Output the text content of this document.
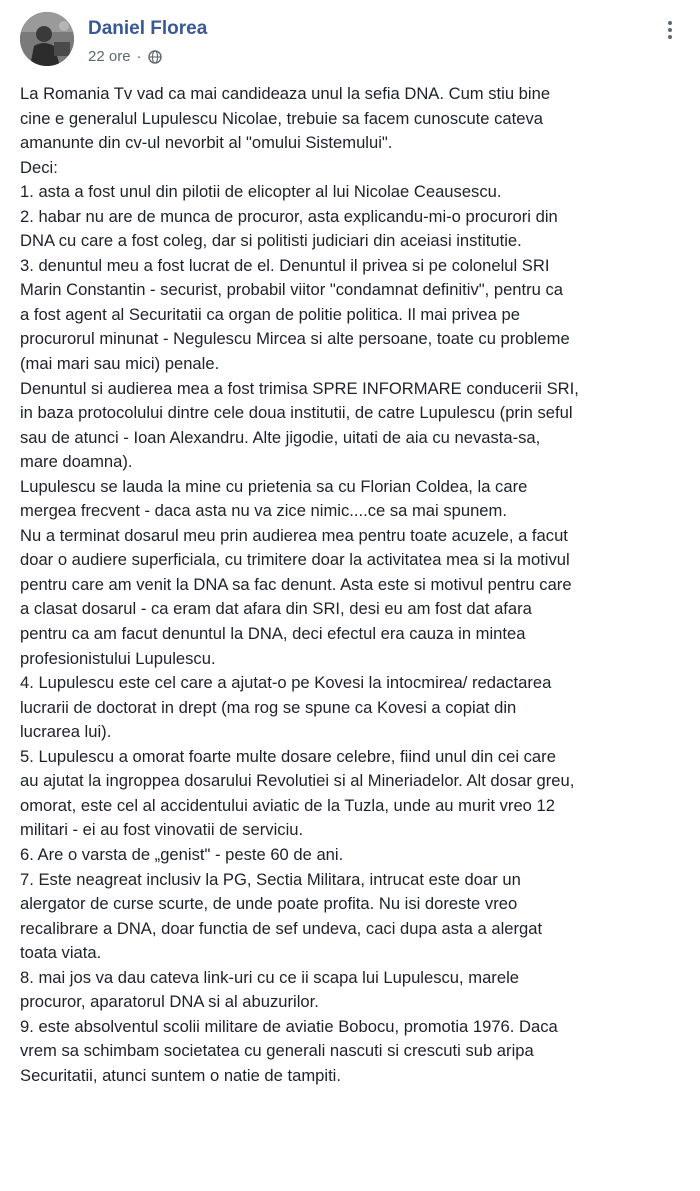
Daniel Florea
22 ore ·
La Romania Tv vad ca mai candideaza unul la sefia DNA. Cum stiu bine
cine e generalul Lupulescu Nicolae, trebuie sa facem cunoscute cateva
amanunte din cv-ul nevorbit al "omului Sistemului".
Deci:
1. asta a fost unul din pilotii de elicopter al lui Nicolae Ceausescu.
2. habar nu are de munca de procuror, asta explicandu-mi-o procurori din
DNA cu care a fost coleg, dar si politisti judiciari din aceiasi institutie.
3. denuntul meu a fost lucrat de el. Denuntul il priveа si pe colonelul SRI
Marin Constantin - securist, probabil viitor "condamnat definitiv", pentru ca
a fost agent al Securitatii ca organ de politie politica. Il mai priveа pe
procurorul minunat - Negulescu Mircea si alte persoane, toate cu probleme
(mai mari sau mici) penale.
Denuntul si audierea mea a fost trimisa SPRE INFORMARE conducerii SRI,
in baza protocolului dintre cele doua institutii, de catre Lupulescu (prin seful
sau de atunci - Ioan Alexandru. Alte jigodie, uitati de aia cu nevasta-sa,
mare doamna).
Lupulescu se lauda la mine cu prietenia sa cu Florian Coldea, la care
mergea frecvent - daca asta nu va zice nimic....ce sa mai spunem.
Nu a terminat dosarul meu prin audierea mea pentru toate acuzele, a facut
doar o audiere superficiala, cu trimitere doar la activitatea mea si la motivul
pentru care am venit la DNA sa fac denunt. Asta este si motivul pentru care
a clasat dosarul - ca eram dat afara din SRI, desi eu am fost dat afara
pentru ca am facut denuntul la DNA, deci efectul era cauza in mintea
profesionistului Lupulescu.
4. Lupulescu este cel care a ajutat-o pe Kovesi la intocmirea/ redactarea
lucrarii de doctorat in drept (ma rog se spune ca Kovesi a copiat din
lucrarea lui).
5. Lupulescu a omorat foarte multe dosare celebre, fiind unul din cei care
au ajutat la ingropрea dosarului Revolutiei si al Mineriadelor. Alt dosar greu,
omorat, este cel al accidentului aviatic de la Tuzla, unde au murit vreo 12
militari - ei au fost vinovatii de serviciu.
6. Are o varsta de „genist" - peste 60 de ani.
7. Este neagreat inclusiv la PG, Sectia Militara, intrucat este doar un
alergator de curse scurte, de unde poate profita. Nu isi doreste vreo
recalibrare a DNA, doar functia de sef undeva, caci dupa asta a alergat
toata viata.
8. mai jos va dau cateva link-uri cu ce ii scapa lui Lupulescu, marele
procuror, aparatorul DNA si al abuzurilor.
9. este absolventul scolii militare de aviatie Bobocu, promotia 1976. Daca
vrem sa schimbam societatea cu generali nascuti si crescuti sub aripa
Securitatii, atunci suntem o natie de tampiti.
